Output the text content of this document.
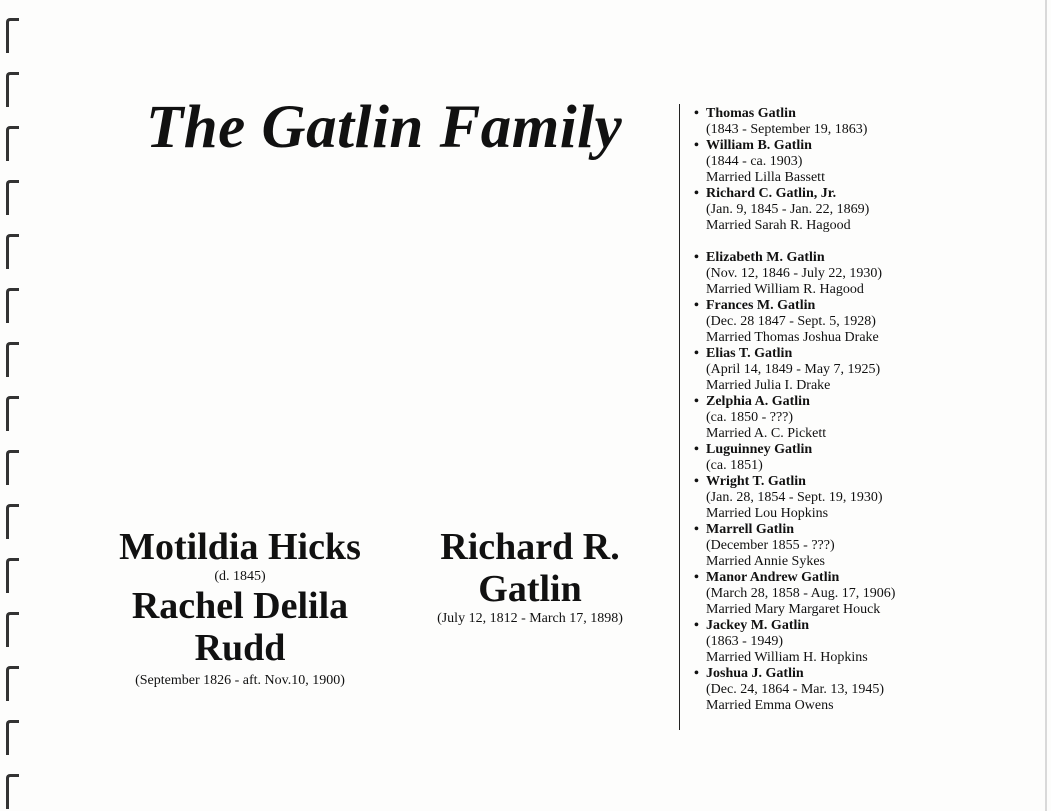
The Gatlin Family
Motildia Hicks
(d. 1845)
Rachel Delila
Rudd
(September 1826 - aft. Nov.10, 1900)
Richard R.
Gatlin
(July 12, 1812 - March 17, 1898)
• Thomas Gatlin
(1843 - September 19, 1863)
• William B. Gatlin
(1844 - ca. 1903)
Married Lilla Bassett
• Richard C. Gatlin, Jr.
(Jan. 9, 1845 - Jan. 22, 1869)
Married Sarah R. Hagood
• Elizabeth M. Gatlin
(Nov. 12, 1846 - July 22, 1930)
Married William R. Hagood
• Frances M. Gatlin
(Dec. 28 1847 - Sept. 5, 1928)
Married Thomas Joshua Drake
• Elias T. Gatlin
(April 14, 1849 - May 7, 1925)
Married Julia I. Drake
• Zelphia A. Gatlin
(ca. 1850 - ???)
Married A. C. Pickett
• Luguinney Gatlin
(ca. 1851)
• Wright T. Gatlin
(Jan. 28, 1854 - Sept. 19, 1930)
Married Lou Hopkins
• Marrell Gatlin
(December 1855 - ???)
Married Annie Sykes
• Manor Andrew Gatlin
(March 28, 1858 - Aug. 17, 1906)
Married Mary Margaret Houck
• Jackey M. Gatlin
(1863 - 1949)
Married William H. Hopkins
• Joshua J. Gatlin
(Dec. 24, 1864 - Mar. 13, 1945)
Married Emma Owens
